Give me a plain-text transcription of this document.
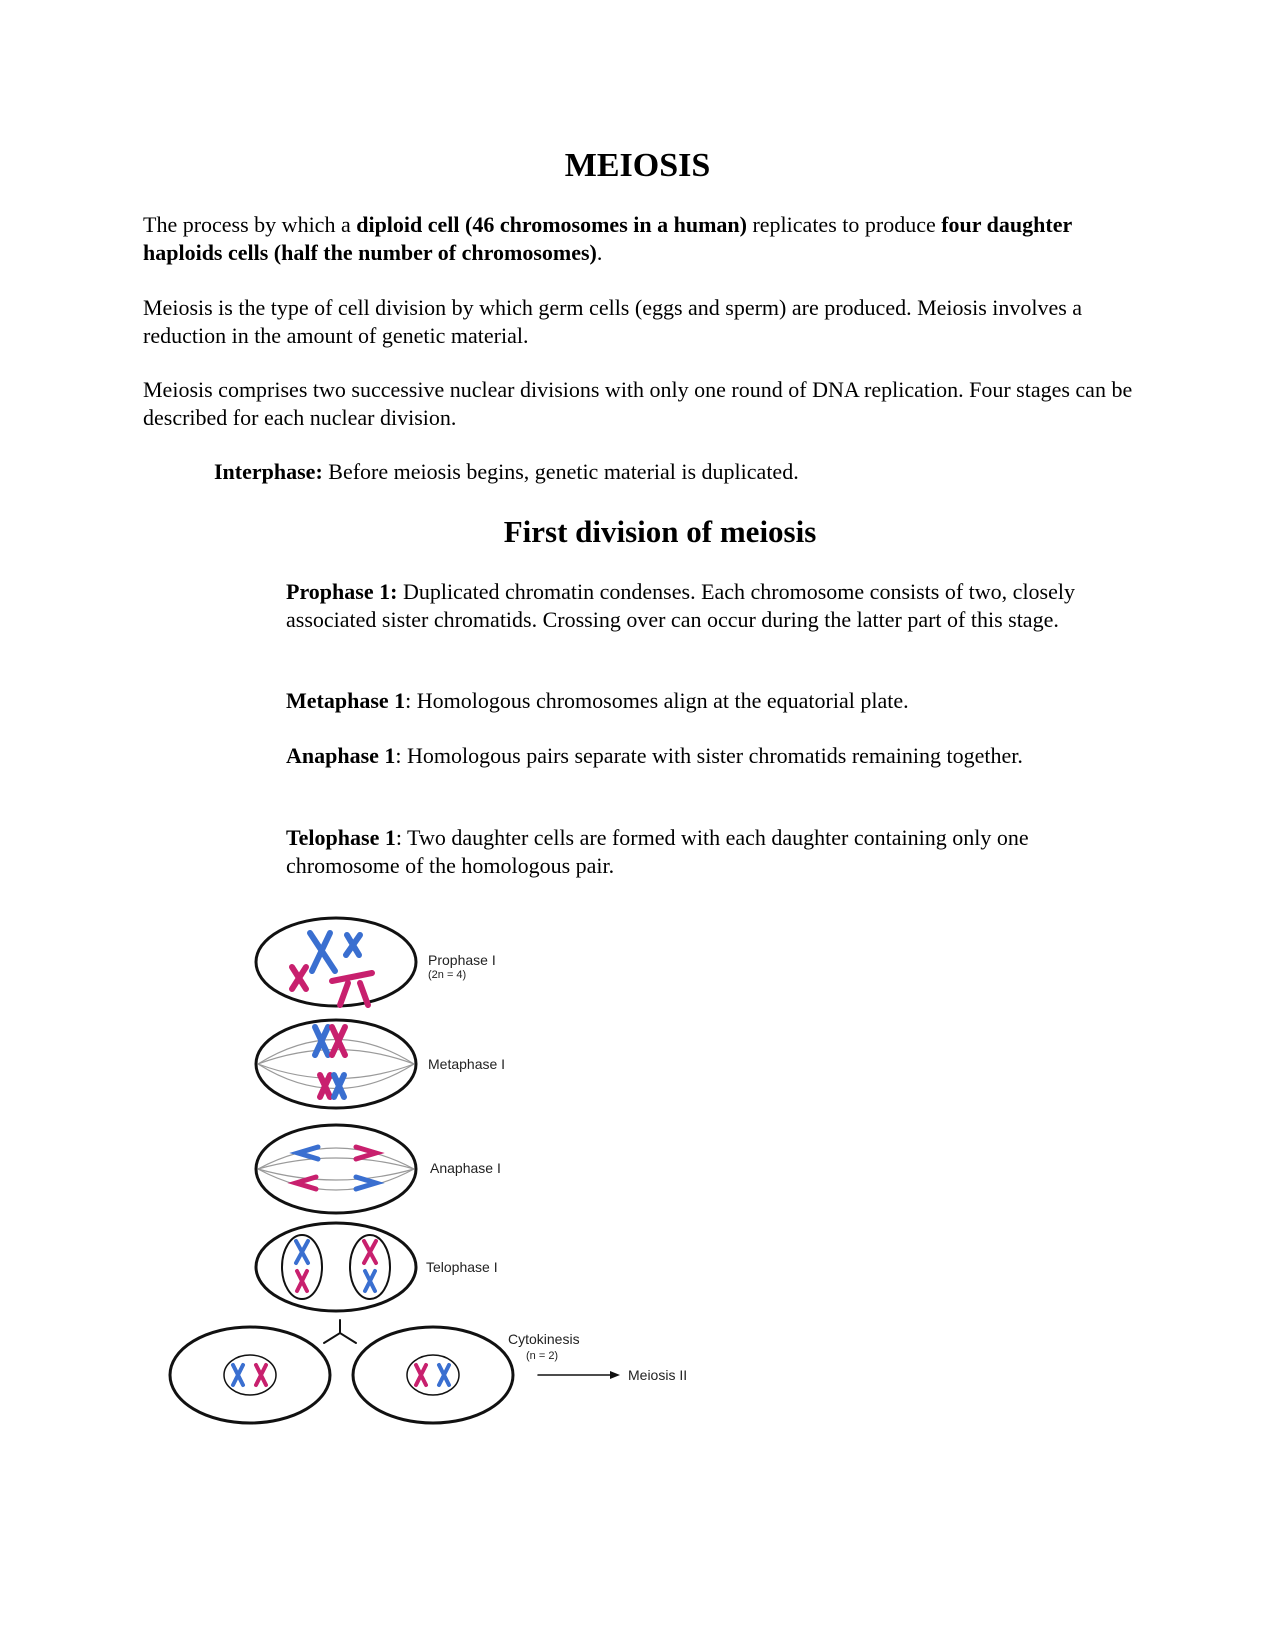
MEIOSIS

The process by which a diploid cell (46 chromosomes in a human) replicates to produce four daughter haploids cells (half the number of chromosomes).

Meiosis is the type of cell division by which germ cells (eggs and sperm) are produced. Meiosis involves a reduction in the amount of genetic material.

Meiosis comprises two successive nuclear divisions with only one round of DNA replication. Four stages can be described for each nuclear division.

Interphase: Before meiosis begins, genetic material is duplicated.

First division of meiosis

Prophase 1: Duplicated chromatin condenses. Each chromosome consists of two, closely associated sister chromatids. Crossing over can occur during the latter part of this stage.

Metaphase 1: Homologous chromosomes align at the equatorial plate.

Anaphase 1: Homologous pairs separate with sister chromatids remaining together.

Telophase 1: Two daughter cells are formed with each daughter containing only one chromosome of the homologous pair.

Prophase I
(2n = 4)
Metaphase I
Anaphase I
Telophase I
Cytokinesis
(n = 2)
Meiosis II
